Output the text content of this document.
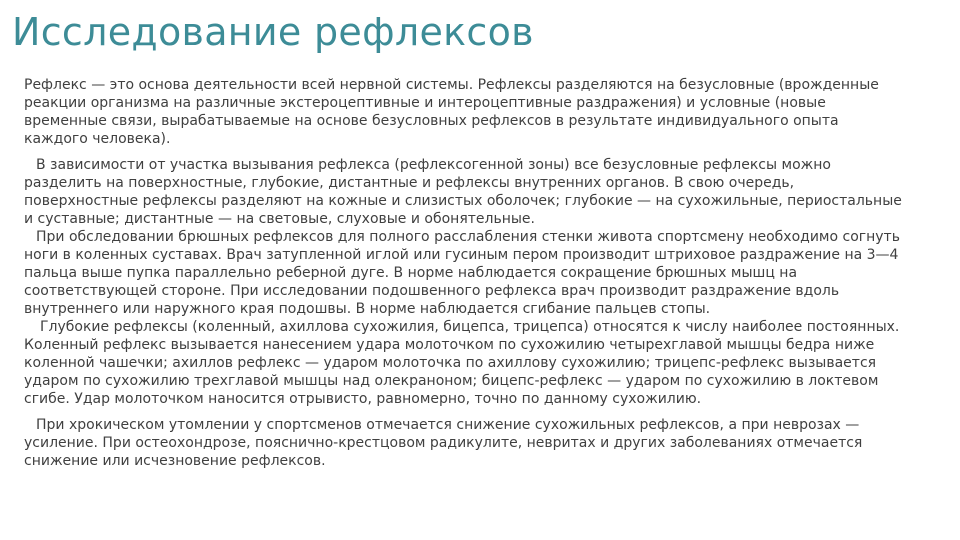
Исследование рефлексов

Рефлекс — это основа деятельности всей нервной системы. Рефлексы разделяются на безусловные (врожденные реакции организма на различные экстероцептивные и интероцептивные раздражения) и условные (новые временные связи, вырабатываемые на основе безусловных рефлексов в результате индивидуального опыта каждого человека).

В зависимости от участка вызывания рефлекса (рефлексогенной зоны) все безусловные рефлексы можно разделить на поверхностные, глубокие, дистантные и рефлексы внутренних органов. В свою очередь, поверхностные рефлексы разделяют на кожные и слизистых оболочек; глубокие — на сухожильные, периостальные и суставные; дистантные — на световые, слуховые и обонятельные.

При обследовании брюшных рефлексов для полного расслабления стенки живота спортсмену необходимо согнуть ноги в коленных суставах. Врач затупленной иглой или гусиным пером производит штриховое раздражение на 3—4 пальца выше пупка параллельно реберной дуге. В норме наблюдается сокращение брюшных мышц на соответствующей стороне. При исследовании подошвенного рефлекса врач производит раздражение вдоль внутреннего или наружного края подошвы. В норме наблюдается сгибание пальцев стопы.

Глубокие рефлексы (коленный, ахиллова сухожилия, бицепса, трицепса) относятся к числу наиболее постоянных. Коленный рефлекс вызывается нанесением удара молоточком по сухожилию четырехглавой мышцы бедра ниже коленной чашечки; ахиллов рефлекс — ударом молоточка по ахиллову сухожилию; трицепс-рефлекс вызывается ударом по сухожилию трехглавой мышцы над олекраноном; бицепс-рефлекс — ударом по сухожилию в локтевом сгибе. Удар молоточком наносится отрывисто, равномерно, точно по данному сухожилию.

При хрокическом утомлении у спортсменов отмечается снижение сухожильных рефлексов, а при неврозах — усиление. При остеохондрозе, пояснично-крестцовом радикулите, невритах и других заболеваниях отмечается снижение или исчезновение рефлексов.
